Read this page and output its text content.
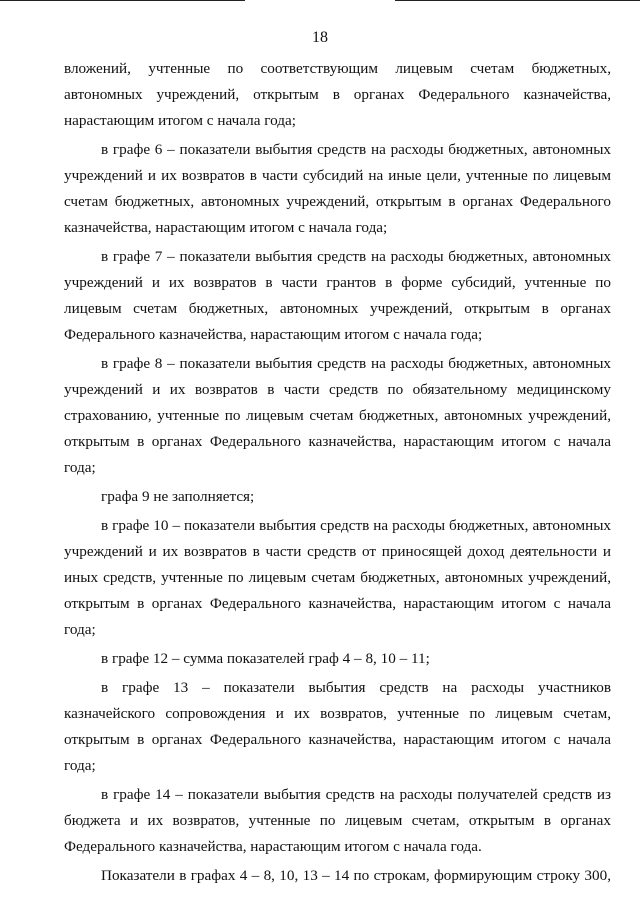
18

вложений, учтенные по соответствующим лицевым счетам бюджетных, автономных учреждений, открытым в органах Федерального казначейства, нарастающим итогом с начала года;

в графе 6 – показатели выбытия средств на расходы бюджетных, автономных учреждений и их возвратов в части субсидий на иные цели, учтенные по лицевым счетам бюджетных, автономных учреждений, открытым в органах Федерального казначейства, нарастающим итогом с начала года;

в графе 7 – показатели выбытия средств на расходы бюджетных, автономных учреждений и их возвратов в части грантов в форме субсидий, учтенные по лицевым счетам бюджетных, автономных учреждений, открытым в органах Федерального казначейства, нарастающим итогом с начала года;

в графе 8 – показатели выбытия средств на расходы бюджетных, автономных учреждений и их возвратов в части средств по обязательному медицинскому страхованию, учтенные по лицевым счетам бюджетных, автономных учреждений, открытым в органах Федерального казначейства, нарастающим итогом с начала года;

графа 9 не заполняется;

в графе 10 – показатели выбытия средств на расходы бюджетных, автономных учреждений и их возвратов в части средств от приносящей доход деятельности и иных средств, учтенные по лицевым счетам бюджетных, автономных учреждений, открытым в органах Федерального казначейства, нарастающим итогом с начала года;

в графе 12 – сумма показателей граф 4 – 8, 10 – 11;

в графе 13 – показатели выбытия средств на расходы участников казначейского сопровождения и их возвратов, учтенные по лицевым счетам, открытым в органах Федерального казначейства, нарастающим итогом с начала года;

в графе 14 – показатели выбытия средств на расходы получателей средств из бюджета и их возвратов, учтенные по лицевым счетам, открытым в органах Федерального казначейства, нарастающим итогом с начала года.

Показатели в графах 4 – 8, 10, 13 – 14 по строкам, формирующим строку 300,
